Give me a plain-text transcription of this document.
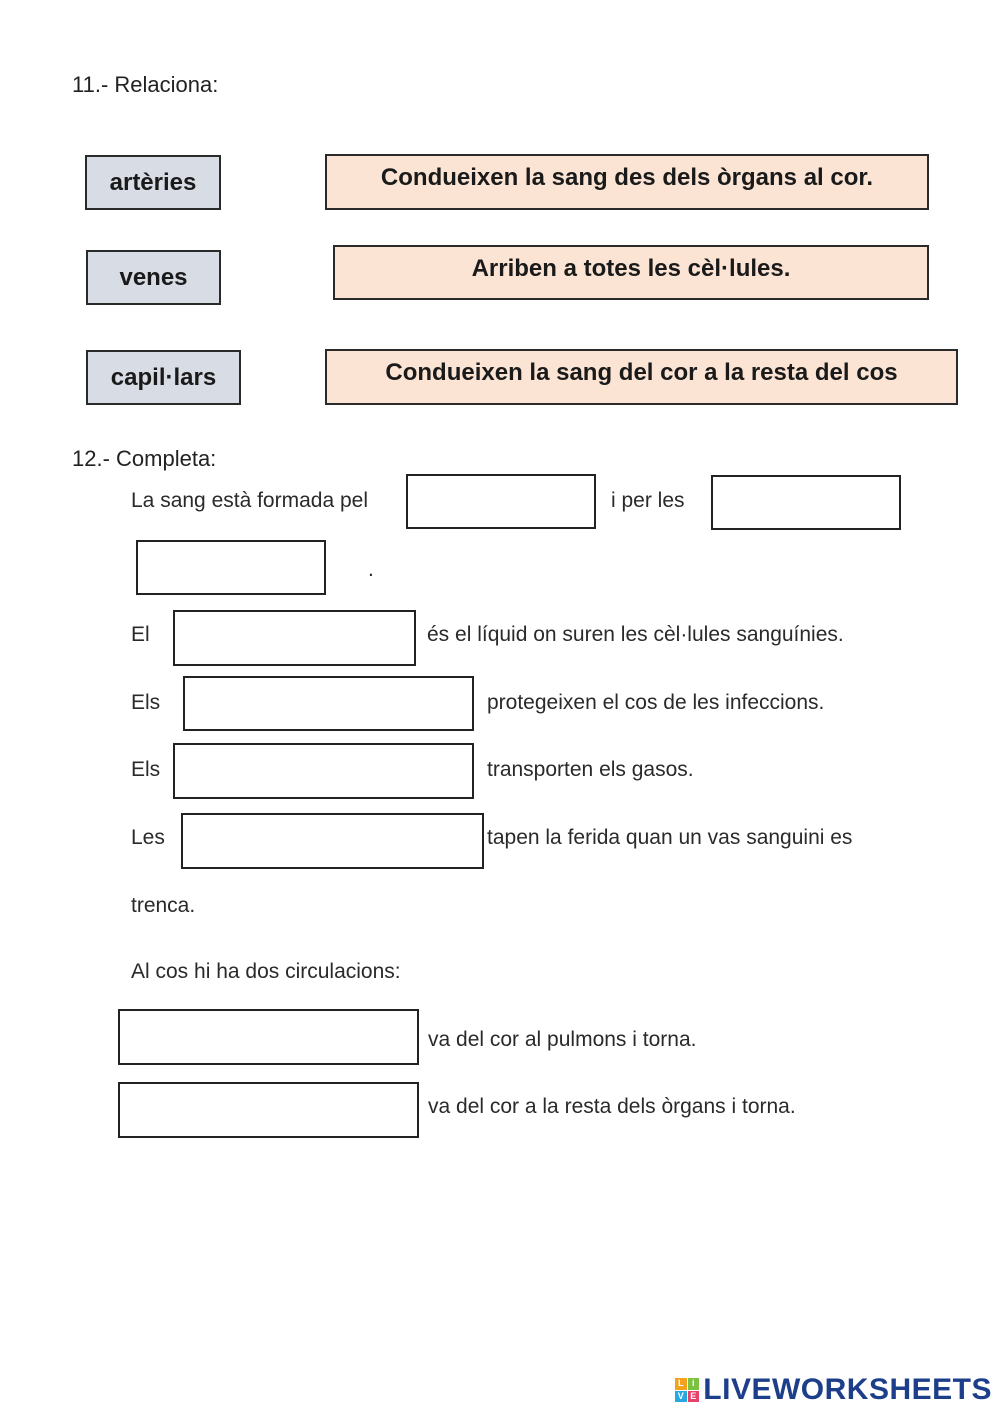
11.- Relaciona:
artèries
venes
capil·lars
Condueixen la sang des dels òrgans al cor.
Arriben a totes les cèl·lules.
Condueixen la sang del cor a la resta del cos
12.- Completa:
La sang està formada pel	i per les
.
El	és el líquid on suren les cèl·lules sanguínies.
Els	protegeixen el cos de les infeccions.
Els	transporten els gasos.
Les	tapen la ferida quan un vas sanguini es
trenca.
Al cos hi ha dos circulacions:
va del cor al pulmons i torna.
va del cor a la resta dels òrgans i torna.
L i
V E LIVEWORKSHEETS
